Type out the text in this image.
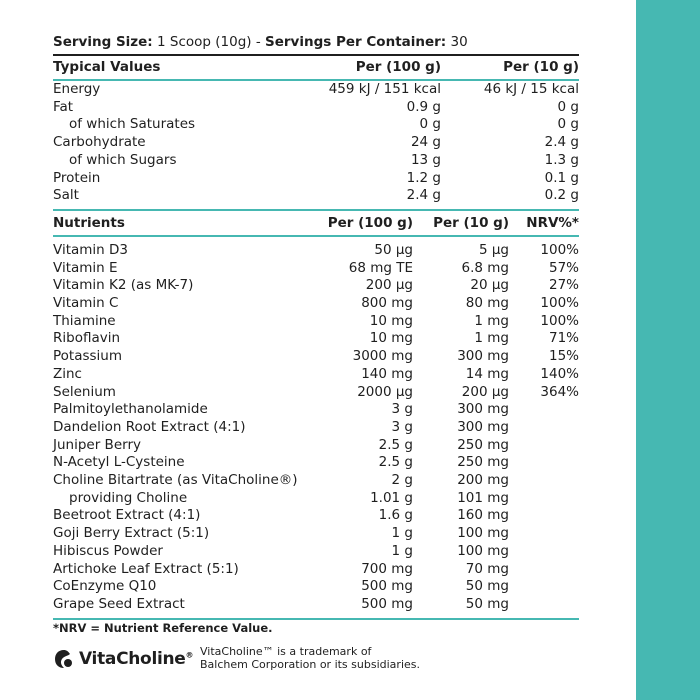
Serving Size: 1 Scoop (10g) - Servings Per Container: 30
Typical Values	Per (100 g)	Per (10 g)
Energy	459 kJ / 151 kcal	46 kJ / 15 kcal
Fat	0.9 g	0 g
of which Saturates	0 g	0 g
Carbohydrate	24 g	2.4 g
of which Sugars	13 g	1.3 g
Protein	1.2 g	0.1 g
Salt	2.4 g	0.2 g

Nutrients	Per (100 g)	Per (10 g)	NRV%*

Vitamin D3	50 µg	5 µg	100%
Vitamin E	68 mg TE	6.8 mg	57%
Vitamin K2 (as MK-7)	200 µg	20 µg	27%
Vitamin C	800 mg	80 mg	100%
Thiamine	10 mg	1 mg	100%
Riboflavin	10 mg	1 mg	71%
Potassium	3000 mg	300 mg	15%
Zinc	140 mg	14 mg	140%
Selenium	2000 µg	200 µg	364%
Palmitoylethanolamide	3 g	300 mg	
Dandelion Root Extract (4:1)	3 g	300 mg	
Juniper Berry	2.5 g	250 mg	
N-Acetyl L-Cysteine	2.5 g	250 mg	
Choline Bitartrate (as VitaCholine®)	2 g	200 mg	
providing Choline	1.01 g	101 mg	
Beetroot Extract (4:1)	1.6 g	160 mg	
Goji Berry Extract (5:1)	1 g	100 mg	
Hibiscus Powder	1 g	100 mg	
Artichoke Leaf Extract (5:1)	700 mg	70 mg	
CoEnzyme Q10	500 mg	50 mg	
Grape Seed Extract	500 mg	50 mg	

*NRV = Nutrient Reference Value.
VitaCholine® VitaCholine™ is a trademark of
Balchem Corporation or its subsidiaries.
